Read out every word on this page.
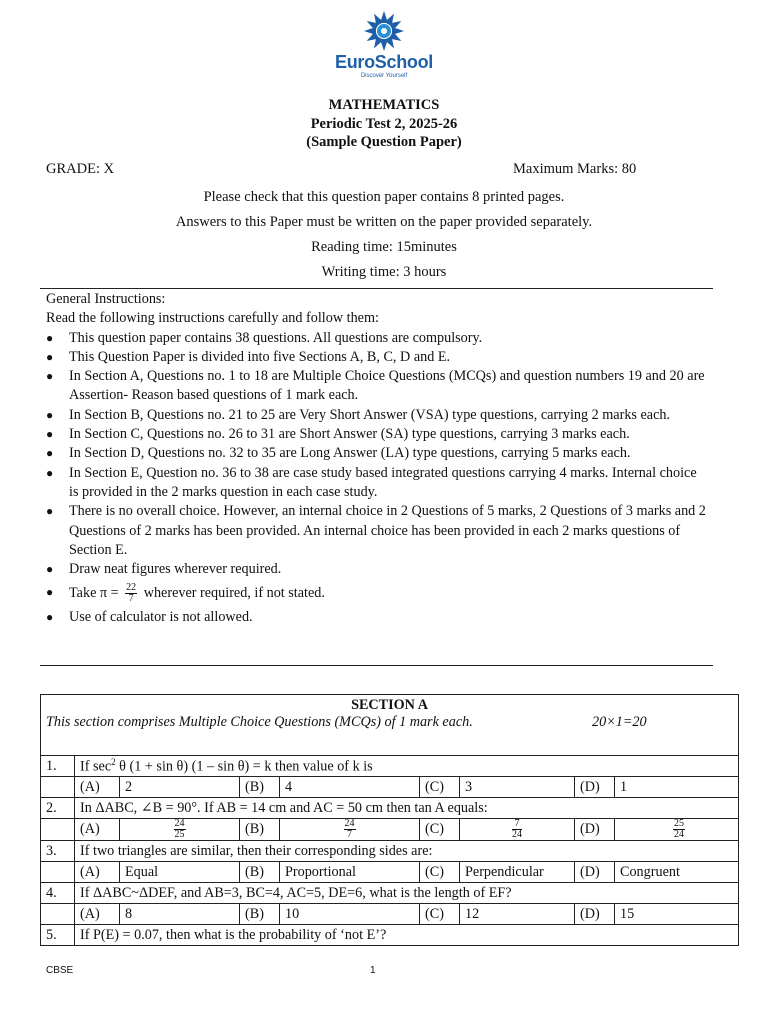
EuroSchool
Discover Yourself
MATHEMATICS
Periodic Test 2, 2025-26
(Sample Question Paper)
GRADE: X	Maximum Marks: 80
Please check that this question paper contains 8 printed pages.
Answers to this Paper must be written on the paper provided separately.
Reading time: 15minutes
Writing time: 3 hours
General Instructions:
Read the following instructions carefully and follow them:
● This question paper contains 38 questions. All questions are compulsory.
● This Question Paper is divided into five Sections A, B, C, D and E.
● In Section A, Questions no. 1 to 18 are Multiple Choice Questions (MCQs) and question numbers 19 and 20 are Assertion- Reason based questions of 1 mark each.
● In Section B, Questions no. 21 to 25 are Very Short Answer (VSA) type questions, carrying 2 marks each.
● In Section C, Questions no. 26 to 31 are Short Answer (SA) type questions, carrying 3 marks each.
● In Section D, Questions no. 32 to 35 are Long Answer (LA) type questions, carrying 5 marks each.
● In Section E, Question no. 36 to 38 are case study based integrated questions carrying 4 marks. Internal choice is provided in the 2 marks question in each case study.
● There is no overall choice. However, an internal choice in 2 Questions of 5 marks, 2 Questions of 3 marks and 2 Questions of 2 marks has been provided. An internal choice has been provided in each 2 marks questions of Section E.
● Draw neat figures wherever required.
● Take $\pi = \frac{22}{7}$ wherever required, if not stated.
● Use of calculator is not allowed.
SECTION A
This section comprises Multiple Choice Questions (MCQs) of 1 mark each. 20×1=20								

1.	If $\sec^2 \theta$ (1 + sin θ) (1 – sin θ) = k then value of k is							
	(A)	2	(B)	4	(C)	3	(D)	1
2.	In ΔABC, ∠B = 90°. If AB = 14 cm and AC = 50 cm then tan A equals:							
	(A)	$\frac{24}{25}$	(B)	$\frac{24}{7}$	(C)	$\frac{7}{24}$	(D)	$\frac{25}{24}$

3.	If two triangles are similar, then their corresponding sides are:							
	(A)	Equal	(B)	Proportional	(C)	Perpendicular	(D)	Congruent
4.	If ΔABC~ΔDEF, and AB=3, BC=4, AC=5, DE=6, what is the length of EF?							
	(A)	8	(B)	10	(C)	12	(D)	15
5.	If P(E) = 0.07, then what is the probability of ‘not E’?							
CBSE	1
